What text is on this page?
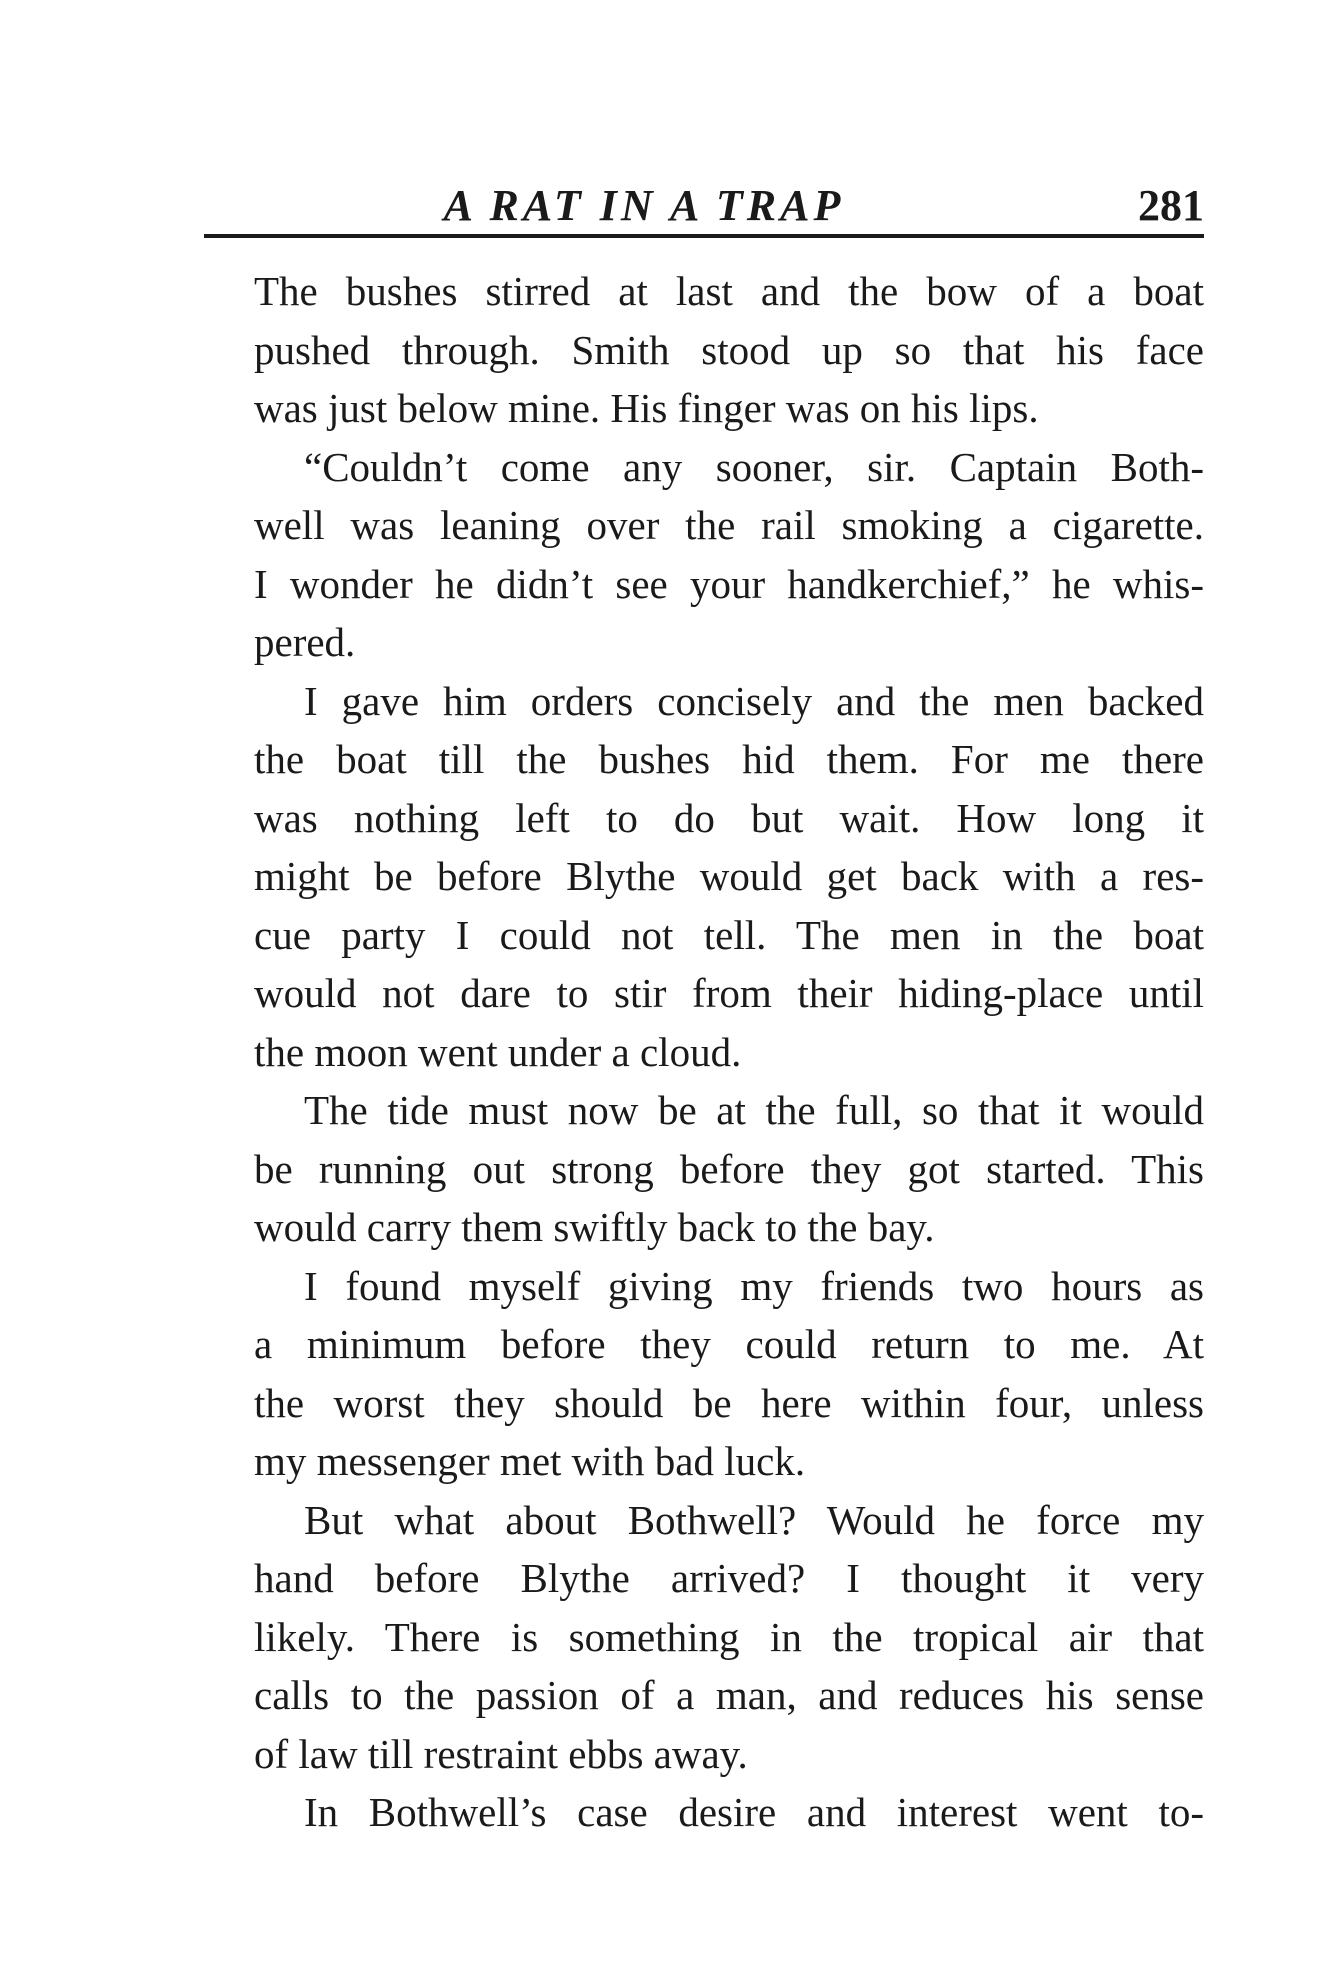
A RAT IN A TRAP	281

The bushes stirred at last and the bow of a boat
pushed through. Smith stood up so that his face
was just below mine. His finger was on his lips.

“Couldn’t come any sooner, sir. Captain Both-
well was leaning over the rail smoking a cigarette.
I wonder he didn’t see your handkerchief,” he whis-
pered.

I gave him orders concisely and the men backed
the boat till the bushes hid them. For me there
was nothing left to do but wait. How long it
might be before Blythe would get back with a res-
cue party I could not tell. The men in the boat
would not dare to stir from their hiding-place until
the moon went under a cloud.

The tide must now be at the full, so that it would
be running out strong before they got started. This
would carry them swiftly back to the bay.

I found myself giving my friends two hours as
a minimum before they could return to me. At
the worst they should be here within four, unless
my messenger met with bad luck.

But what about Bothwell? Would he force my
hand before Blythe arrived? I thought it very
likely. There is something in the tropical air that
calls to the passion of a man, and reduces his sense
of law till restraint ebbs away.

In Bothwell’s case desire and interest went to-
